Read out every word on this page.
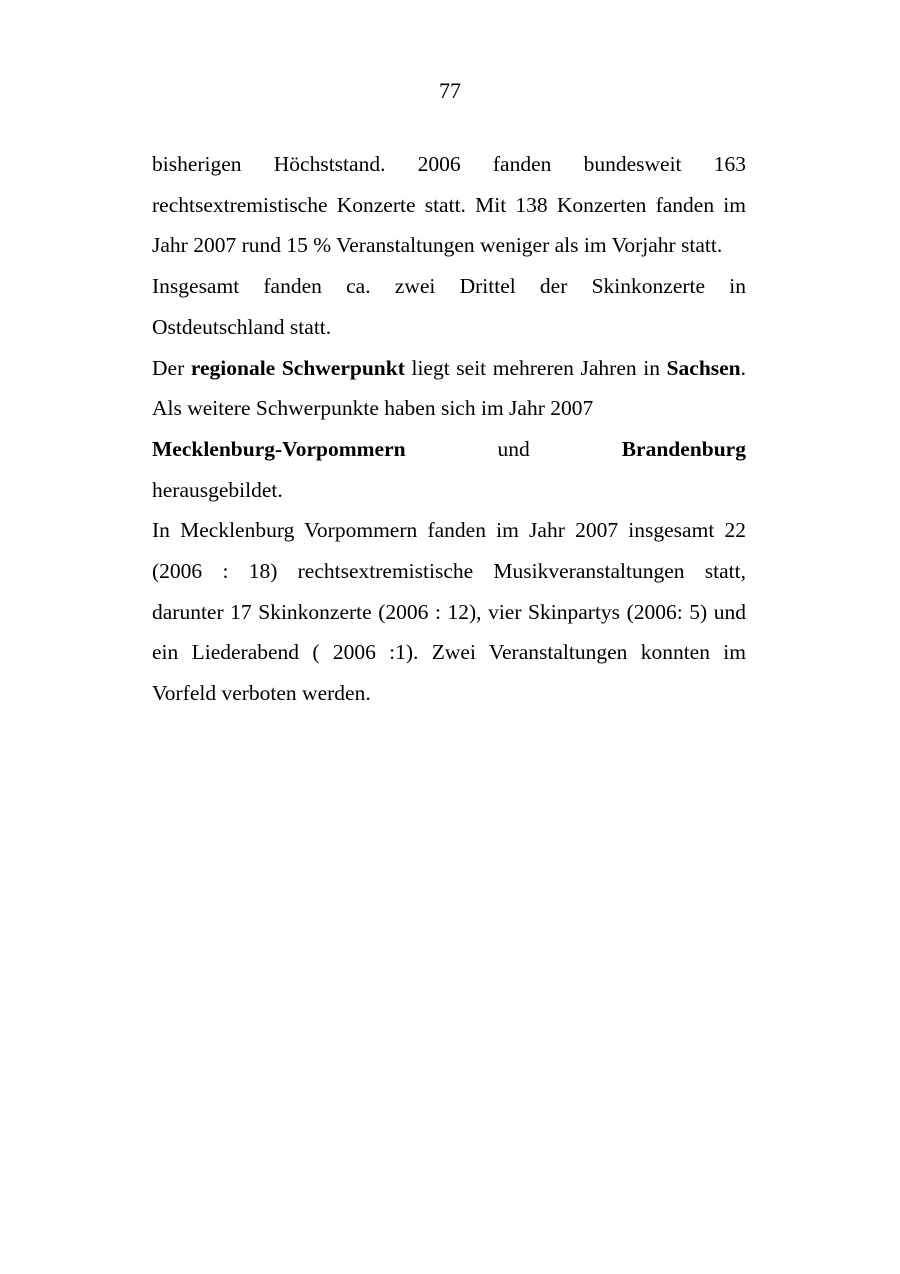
77

bisherigen Höchststand. 2006 fanden bundesweit 163 rechtsextremistische Konzerte statt. Mit 138 Konzerten fanden im Jahr 2007 rund 15 % Veranstaltungen weniger als im Vorjahr statt.

Insgesamt fanden ca. zwei Drittel der Skinkonzerte in Ostdeutschland statt.

Der regionale Schwerpunkt liegt seit mehreren Jahren in Sachsen. Als weitere Schwerpunkte haben sich im Jahr 2007
Mecklenburg-Vorpommern	und	Brandenburg
herausgebildet.

In Mecklenburg Vorpommern fanden im Jahr 2007 insgesamt 22 (2006 : 18) rechtsextremistische Musikveranstaltungen statt, darunter 17 Skinkonzerte (2006 : 12), vier Skinpartys (2006: 5) und ein Liederabend ( 2006 :1). Zwei Veranstaltungen konnten im Vorfeld verboten werden.
